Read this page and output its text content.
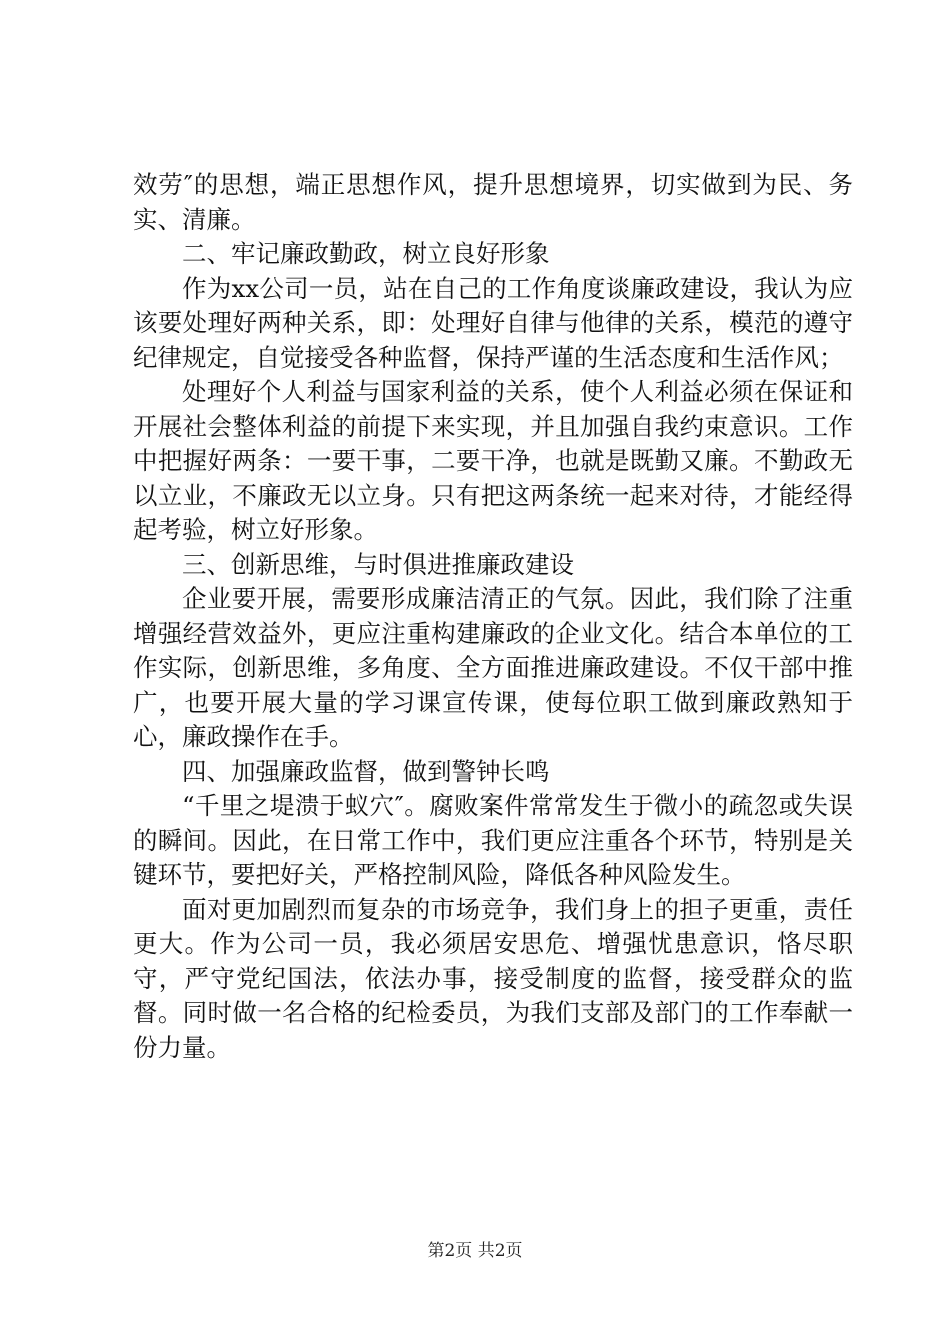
效劳″的思想，端正思想作风，提升思想境界，切实做到为民、务实、清廉。

二、牢记廉政勤政，树立良好形象

作为xx公司一员，站在自己的工作角度谈廉政建设，我认为应该要处理好两种关系，即：处理好自律与他律的关系，模范的遵守纪律规定，自觉接受各种监督，保持严谨的生活态度和生活作风；

处理好个人利益与国家利益的关系，使个人利益必须在保证和开展社会整体利益的前提下来实现，并且加强自我约束意识。工作中把握好两条：一要干事，二要干净，也就是既勤又廉。不勤政无以立业，不廉政无以立身。只有把这两条统一起来对待，才能经得起考验，树立好形象。

三、创新思维，与时俱进推廉政建设

企业要开展，需要形成廉洁清正的气氛。因此，我们除了注重增强经营效益外，更应注重构建廉政的企业文化。结合本单位的工作实际，创新思维，多角度、全方面推进廉政建设。不仅干部中推广，也要开展大量的学习课宣传课，使每位职工做到廉政熟知于心，廉政操作在手。

四、加强廉政监督，做到警钟长鸣

“千里之堤溃于蚁穴″。腐败案件常常发生于微小的疏忽或失误的瞬间。因此，在日常工作中，我们更应注重各个环节，特别是关键环节，要把好关，严格控制风险，降低各种风险发生。

面对更加剧烈而复杂的市场竞争，我们身上的担子更重，责任更大。作为公司一员，我必须居安思危、增强忧患意识，恪尽职守，严守党纪国法，依法办事，接受制度的监督，接受群众的监督。同时做一名合格的纪检委员，为我们支部及部门的工作奉献一份力量。

第2页 共2页
